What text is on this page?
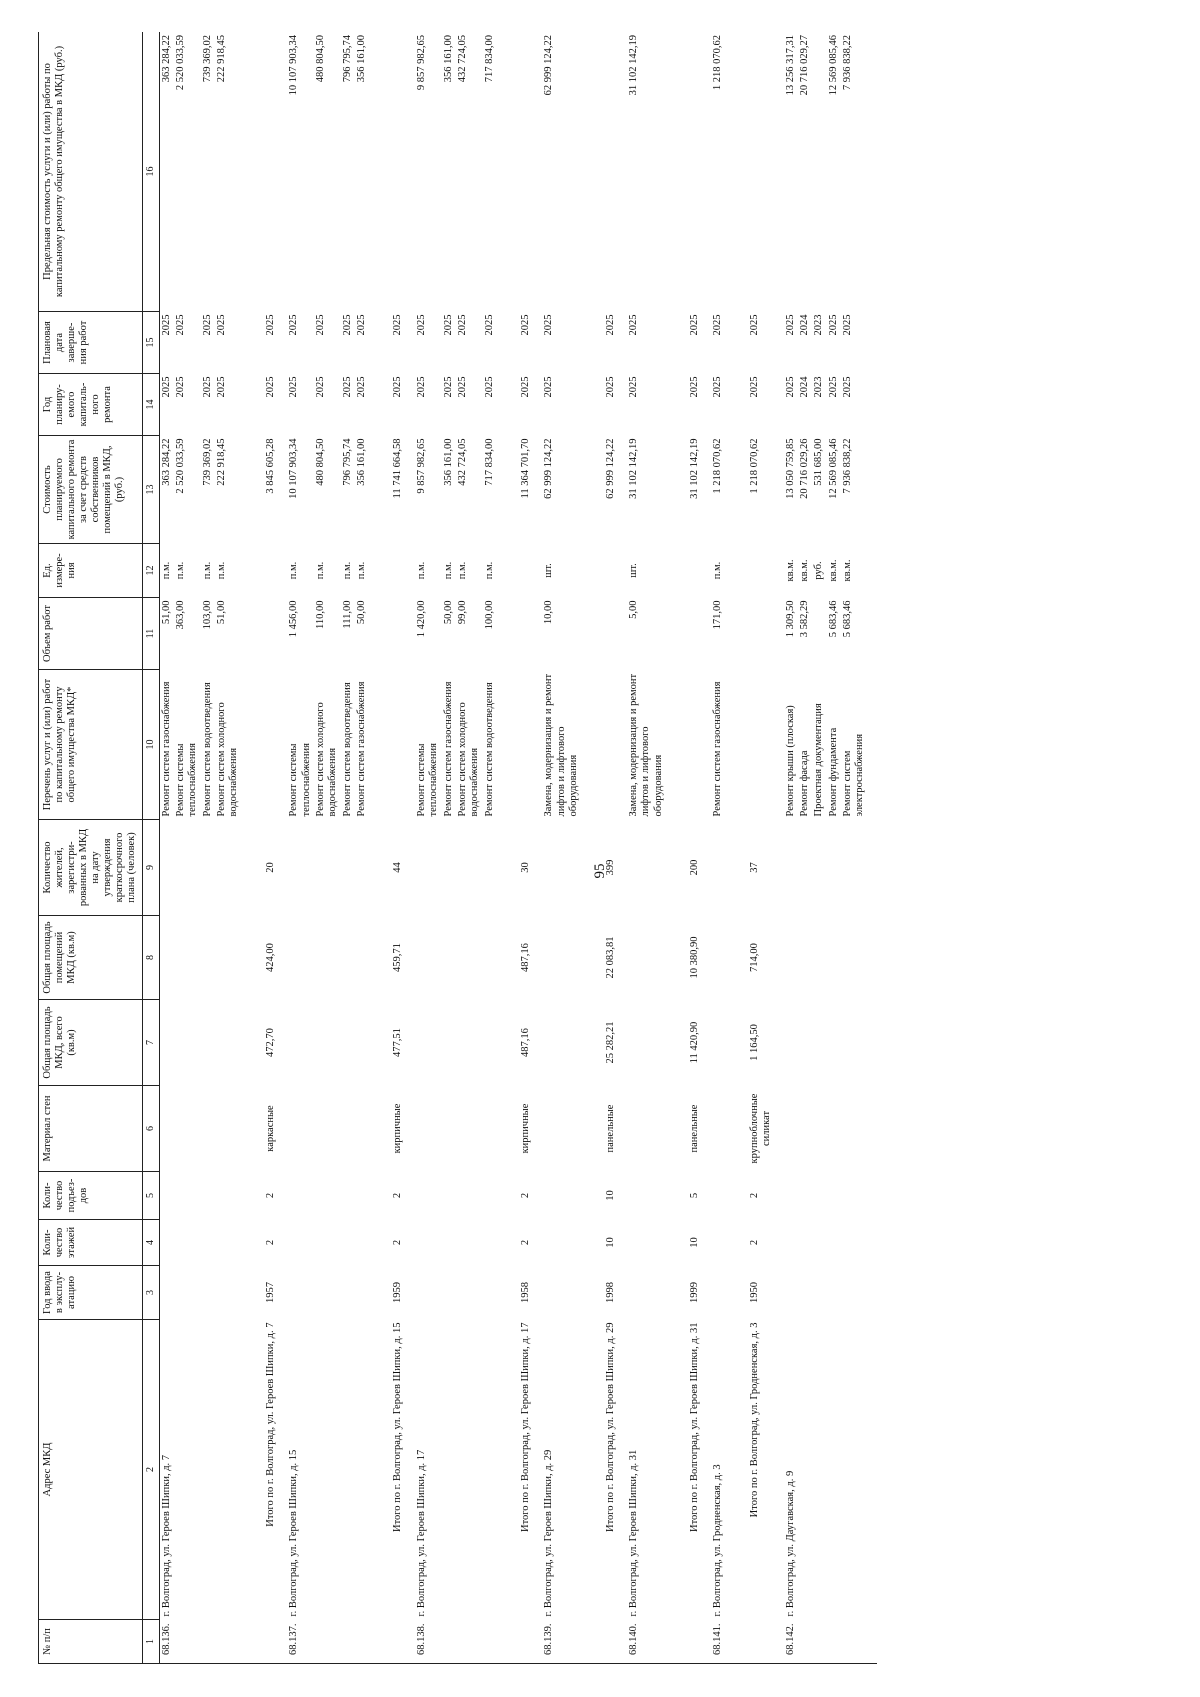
95
№ п/п	Адрес МКД	Год ввода в эксплу-атацию	Коли-чество этажей	Коли-чество подъез-дов	Материал стен	Общая площадь МКД, всего (кв.м)	Общая площадь помещений МКД (кв.м)	Количество жителей, зарегистри-рованных в МКД на дату утверждения краткосрочного плана (человек)	Перечень услуг и (или) работ по капитальному ремонту общего имущества МКД*	Объем работ	Ед. измере-ния	Стоимость планируемого капитального ремонта за счет средств собственников помещений в МКД, (руб.)	Год планиру-емого капиталь-ного ремонта	Плановая дата заверше-ния работ	Предельная стоимость услуги и (или) работы по капитальному ремонту общего имущества в МКД (руб.)
1	2	3	4	5	6	7	8	9	10	11	12	13	14	15	16
68.136.	г. Волгоград, ул. Героев Шипки, д. 7								Ремонт систем газоснабжения	51,00	п.м.	363 284,22	2025	2025	363 284,22
									Ремонт системы теплоснабжения	363,00	п.м.	2 520 033,59	2025	2025	2 520 033,59
									Ремонт систем водоотведения	103,00	п.м.	739 369,02	2025	2025	739 369,02
									Ремонт систем холодного водоснабжения	51,00	п.м.	222 918,45	2025	2025	222 918,45
	Итого по г. Волгоград, ул. Героев Шипки, д. 7	1957	2	2	каркасные	472,70	424,00	20				3 845 605,28	2025	2025	
68.137.	г. Волгоград, ул. Героев Шипки, д. 15								Ремонт системы теплоснабжения	1 456,00	п.м.	10 107 903,34	2025	2025	10 107 903,34
									Ремонт систем холодного водоснабжения	110,00	п.м.	480 804,50	2025	2025	480 804,50
									Ремонт систем водоотведения	111,00	п.м.	796 795,74	2025	2025	796 795,74
									Ремонт систем газоснабжения	50,00	п.м.	356 161,00	2025	2025	356 161,00
	Итого по г. Волгоград, ул. Героев Шипки, д. 15	1959	2	2	кирпичные	477,51	459,71	44				11 741 664,58	2025	2025	
68.138.	г. Волгоград, ул. Героев Шипки, д. 17								Ремонт системы теплоснабжения	1 420,00	п.м.	9 857 982,65	2025	2025	9 857 982,65
									Ремонт систем газоснабжения	50,00	п.м.	356 161,00	2025	2025	356 161,00
									Ремонт систем холодного водоснабжения	99,00	п.м.	432 724,05	2025	2025	432 724,05
									Ремонт систем водоотведения	100,00	п.м.	717 834,00	2025	2025	717 834,00
	Итого по г. Волгоград, ул. Героев Шипки, д. 17	1958	2	2	кирпичные	487,16	487,16	30				11 364 701,70	2025	2025	
68.139.	г. Волгоград, ул. Героев Шипки, д. 29								Замена, модернизация и ремонт лифтов и лифтового оборудования	10,00	шт.	62 999 124,22	2025	2025	62 999 124,22
	Итого по г. Волгоград, ул. Героев Шипки, д. 29	1998	10	10	панельные	25 282,21	22 083,81	399				62 999 124,22	2025	2025	
68.140.	г. Волгоград, ул. Героев Шипки, д. 31								Замена, модернизация и ремонт лифтов и лифтового оборудования	5,00	шт.	31 102 142,19	2025	2025	31 102 142,19
	Итого по г. Волгоград, ул. Героев Шипки, д. 31	1999	10	5	панельные	11 420,90	10 380,90	200				31 102 142,19	2025	2025	
68.141.	г. Волгоград, ул. Гродненская, д. 3								Ремонт систем газоснабжения	171,00	п.м.	1 218 070,62	2025	2025	1 218 070,62
	Итого по г. Волгоград, ул. Гродненская, д. 3	1950	2	2	крупноблочные силикат	1 164,50	714,00	37				1 218 070,62	2025	2025	
68.142.	г. Волгоград, ул. Даугавская, д. 9								Ремонт крыши (плоская)	1 309,50	кв.м.	13 050 759,85	2025	2025	13 256 317,31
									Ремонт фасада	3 582,29	кв.м.	20 716 029,26	2024	2024	20 716 029,27
									Проектная документация		руб.	531 685,00	2023	2023	
									Ремонт фундамента	5 683,46	кв.м.	12 569 085,46	2025	2025	12 569 085,46
									Ремонт систем электроснабжения	5 683,46	кв.м.	7 936 838,22	2025	2025	7 936 838,22
